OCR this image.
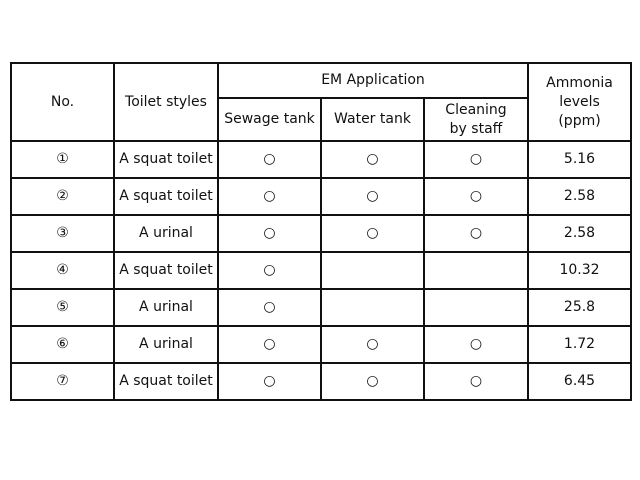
No.	Toilet styles	EM Application			Ammonia levels (ppm)

		Sewage tank	Water tank	Cleaning by staff	

①	A squat toilet	○	○	○	5.16
②	A squat toilet	○	○	○	2.58
③	A urinal	○	○	○	2.58
④	A squat toilet	○			10.32
⑤	A urinal	○			25.8
⑥	A urinal	○	○	○	1.72
⑦	A squat toilet	○	○	○	6.45
